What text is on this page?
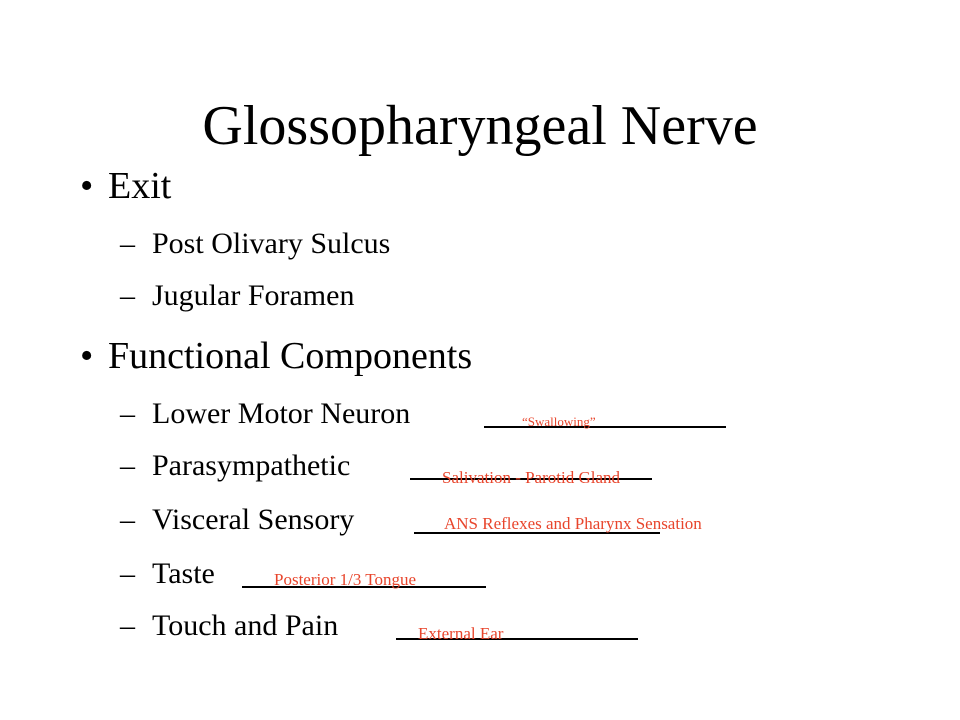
Glossopharyngeal Nerve
• Exit
– Post Olivary Sulcus
– Jugular Foramen
• Functional Components
– Lower Motor Neuron	“Swallowing”
– Parasympathetic	Salivation - Parotid Gland
– Visceral Sensory	ANS Reflexes and Pharynx Sensation
– Taste	Posterior 1/3 Tongue
– Touch and Pain	External Ear
